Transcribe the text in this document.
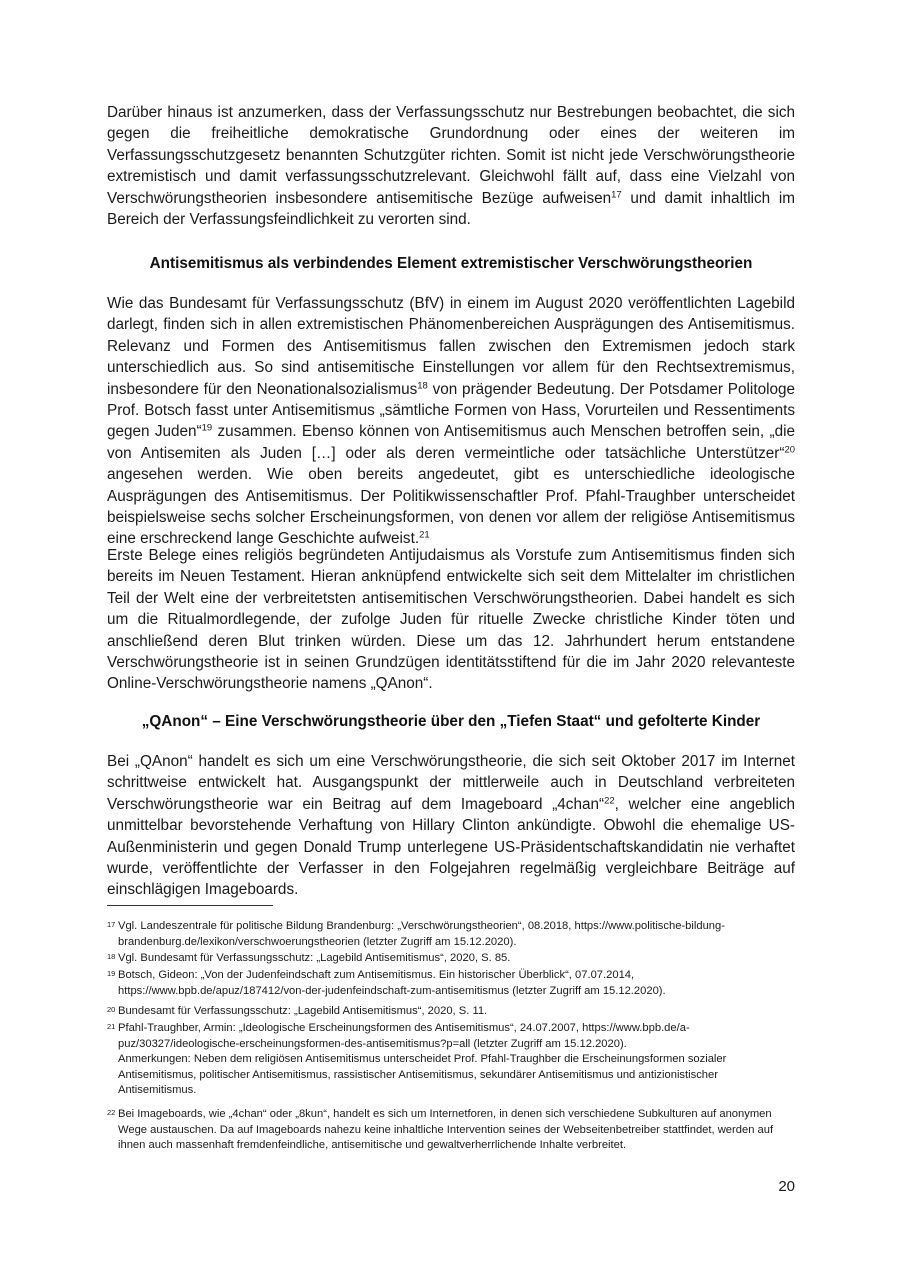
Darüber hinaus ist anzumerken, dass der Verfassungsschutz nur Bestrebungen beobachtet, die sich gegen die freiheitliche demokratische Grundordnung oder eines der weiteren im Verfassungsschutzgesetz benannten Schutzgüter richten. Somit ist nicht jede Verschwörungstheorie extremistisch und damit verfassungsschutzrelevant. Gleichwohl fällt auf, dass eine Vielzahl von Verschwörungstheorien insbesondere antisemitische Bezüge aufweisen$^{17}$ und damit inhaltlich im Bereich der Verfassungsfeindlichkeit zu verorten sind.

Antisemitismus als verbindendes Element extremistischer Verschwörungstheorien

Wie das Bundesamt für Verfassungsschutz (BfV) in einem im August 2020 veröffentlichten Lagebild darlegt, finden sich in allen extremistischen Phänomenbereichen Ausprägungen des Antisemitismus. Relevanz und Formen des Antisemitismus fallen zwischen den Extremismen jedoch stark unterschiedlich aus. So sind antisemitische Einstellungen vor allem für den Rechtsextremismus, insbesondere für den Neonationalsozialismus$^{18}$ von prägender Bedeutung. Der Potsdamer Politologe Prof. Botsch fasst unter Antisemitismus „sämtliche Formen von Hass, Vorurteilen und Ressentiments gegen Juden“$^{19}$ zusammen. Ebenso können von Antisemitismus auch Menschen betroffen sein, „die von Antisemiten als Juden […] oder als deren vermeintliche oder tatsächliche Unterstützer“$^{20}$ angesehen werden. Wie oben bereits angedeutet, gibt es unterschiedliche ideologische Ausprägungen des Antisemitismus. Der Politikwissenschaftler Prof. Pfahl-Traughber unterscheidet beispielsweise sechs solcher Erscheinungsformen, von denen vor allem der religiöse Antisemitismus eine erschreckend lange Geschichte aufweist.$^{21}$

Erste Belege eines religiös begründeten Antijudaismus als Vorstufe zum Antisemitismus finden sich bereits im Neuen Testament. Hieran anknüpfend entwickelte sich seit dem Mittelalter im christlichen Teil der Welt eine der verbreitetsten antisemitischen Verschwörungstheorien. Dabei handelt es sich um die Ritualmordlegende, der zufolge Juden für rituelle Zwecke christliche Kinder töten und anschließend deren Blut trinken würden. Diese um das 12. Jahrhundert herum entstandene Verschwörungstheorie ist in seinen Grundzügen identitätsstiftend für die im Jahr 2020 relevanteste Online-Verschwörungstheorie namens „QAnon“.

„QAnon“ – Eine Verschwörungstheorie über den „Tiefen Staat“ und gefolterte Kinder

Bei „QAnon“ handelt es sich um eine Verschwörungstheorie, die sich seit Oktober 2017 im Internet schrittweise entwickelt hat. Ausgangspunkt der mittlerweile auch in Deutschland verbreiteten Verschwörungstheorie war ein Beitrag auf dem Imageboard „4chan“$^{22}$, welcher eine angeblich unmittelbar bevorstehende Verhaftung von Hillary Clinton ankündigte. Obwohl die ehemalige US-Außenministerin und gegen Donald Trump unterlegene US-Präsidentschaftskandidatin nie verhaftet wurde, veröffentlichte der Verfasser in den Folgejahren regelmäßig vergleichbare Beiträge auf einschlägigen Imageboards.

17 Vgl. Landeszentrale für politische Bildung Brandenburg: „Verschwörungstheorien“, 08.2018, https://www.politische-bildung-brandenburg.de/lexikon/verschwoerungstheorien (letzter Zugriff am 15.12.2020).
18 Vgl. Bundesamt für Verfassungsschutz: „Lagebild Antisemitismus“, 2020, S. 85.
19 Botsch, Gideon: „Von der Judenfeindschaft zum Antisemitismus. Ein historischer Überblick“, 07.07.2014, https://www.bpb.de/apuz/187412/von-der-judenfeindschaft-zum-antisemitismus (letzter Zugriff am 15.12.2020).
20 Bundesamt für Verfassungsschutz: „Lagebild Antisemitismus“, 2020, S. 11.
21 Pfahl-Traughber, Armin: „Ideologische Erscheinungsformen des Antisemitismus“, 24.07.2007, https://www.bpb.de/apuz/30327/ideologische-erscheinungsformen-des-antisemitismus?p=all (letzter Zugriff am 15.12.2020).
Anmerkungen: Neben dem religiösen Antisemitismus unterscheidet Prof. Pfahl-Traughber die Erscheinungsformen sozialer Antisemitismus, politischer Antisemitismus, rassistischer Antisemitismus, sekundärer Antisemitismus und antizionistischer Antisemitismus.
22 Bei Imageboards, wie „4chan“ oder „8kun“, handelt es sich um Internetforen, in denen sich verschiedene Subkulturen auf anonymen Wege austauschen. Da auf Imageboards nahezu keine inhaltliche Intervention seines der Webseitenbetreiber stattfindet, werden auf ihnen auch massenhaft fremdenfeindliche, antisemitische und gewaltverherrlichende Inhalte verbreitet.
20
